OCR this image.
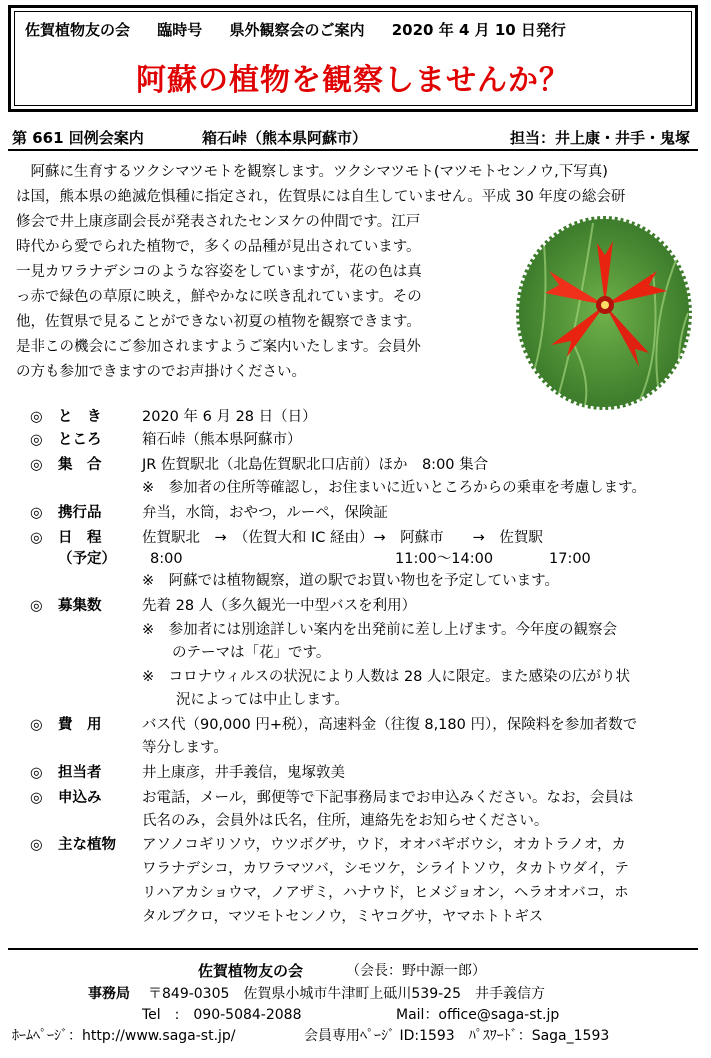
佐賀植物友の会 臨時号 県外観察会のご案内 2020 年 4 月 10 日発行
阿蘇の植物を観察しませんか？
第 661 回例会案内	箱石峠（熊本県阿蘇市）	担当：井上康・井手・鬼塚
　阿蘇に生育するツクシマツモトを観察します。ツクシマツモト(マツモトセンノウ,下写真)
は国，熊本県の絶滅危惧種に指定され，佐賀県には自生していません。平成 30 年度の総会研
修会で井上康彦副会長が発表されたセンヌケの仲間です。江戸
時代から愛でられた植物で，多くの品種が見出されています。
一見カワラナデシコのような容姿をしていますが，花の色は真
っ赤で緑色の草原に映え，鮮やかなに咲き乱れています。その
他，佐賀県で見ることができない初夏の植物を観察できます。
是非この機会にご参加されますようご案内いたします。会員外
の方も参加できますのでお声掛けください。
◎ と　き	2020 年 6 月 28 日（日）
◎ ところ	箱石峠（熊本県阿蘇市）
◎ 集　合	JR 佐賀駅北（北島佐賀駅北口店前）ほか　8:00 集合
※　参加者の住所等確認し，お住まいに近いところからの乗車を考慮します。
◎ 携行品	弁当，水筒，おやつ，ルーペ，保険証
◎ 日　程	佐賀駅北　→　（佐賀大和 IC 経由）→　阿蘇市　　→　佐賀駅
（予定） 8:00	11:00～14:00	17:00
※　阿蘇では植物観察，道の駅でお買い物也を予定しています。
◎ 募集数	先着 28 人（多久観光一中型バスを利用）
※　参加者には別途詳しい案内を出発前に差し上げます。今年度の観察会
のテーマは「花」です。
※　コロナウィルスの状況により人数は 28 人に限定。また感染の広がり状
況によっては中止します。
◎ 費　用	バス代（90,000 円+税），高速料金（往復 8,180 円），保険料を参加者数で
等分します。
◎ 担当者	井上康彦，井手義信，鬼塚敦美
◎ 申込み	お電話，メール，郵便等で下記事務局までお申込みください。なお，会員は
氏名のみ，会員外は氏名，住所，連絡先をお知らせください。
◎ 主な植物 アソノコギリソウ，ウツボグサ，ウド，オオバギボウシ，オカトラノオ，カ
ワラナデシコ，カワラマツバ，シモツケ，シライトソウ，タカトウダイ，テ
リハアカショウマ，ノアザミ，ハナウド，ヒメジョオン，ヘラオオバコ，ホ
タルブクロ，マツモトセンノウ，ミヤコグサ，ヤマホトトギス
佐賀植物友の会	（会長：野中源一郎）
事務局 〒849-0305　佐賀県小城市牛津町上砥川539-25　井手義信方
Tel　:　090-5084-2088	Mail：office@saga-st.jp
ﾎｰﾑﾍﾟｰｼﾞ：http://www.saga-st.jp/	会員専用ﾍﾟｰｼﾞ ID:1593　ﾊﾟｽﾜｰﾄﾞ：Saga_1593
